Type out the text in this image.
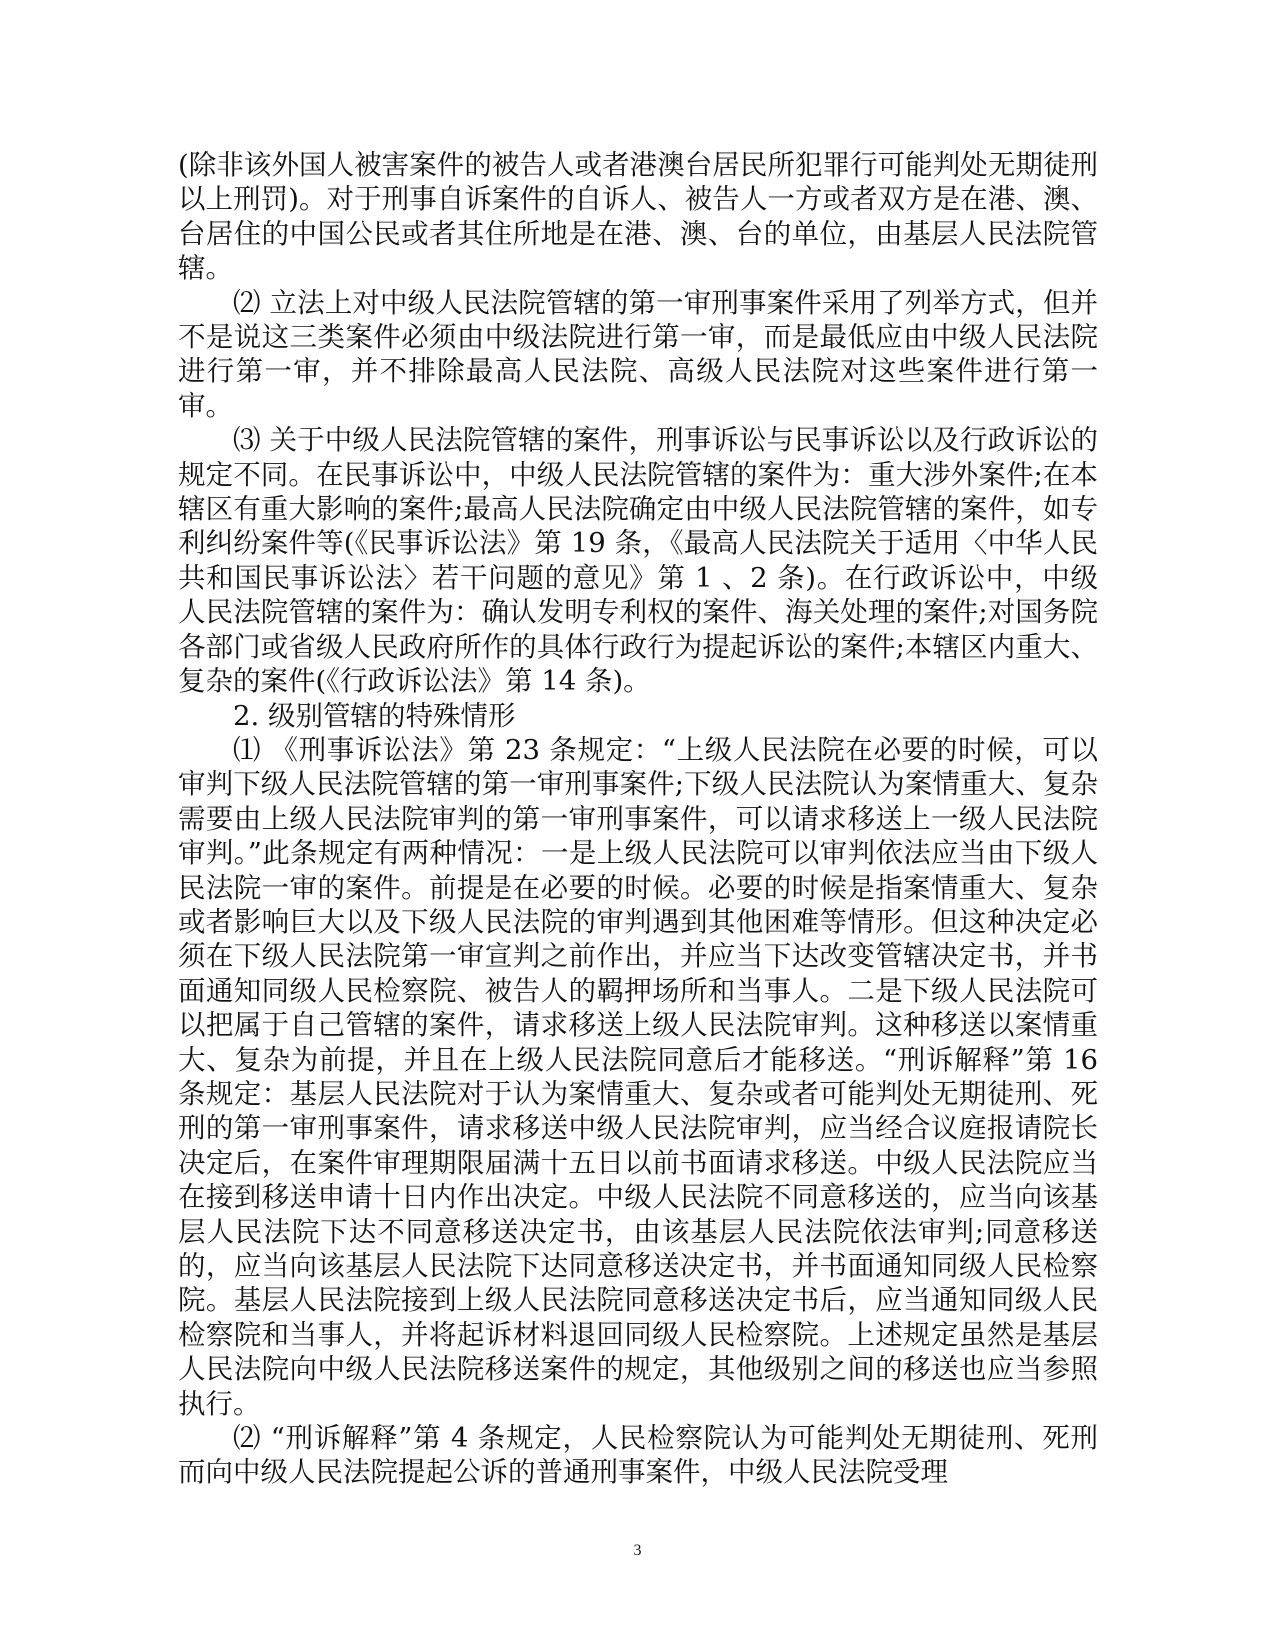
(除非该外国人被害案件的被告人或者港澳台居民所犯罪行可能判处无期徒刑以上刑罚)。对于刑事自诉案件的自诉人、被告人一方或者双方是在港、澳、台居住的中国公民或者其住所地是在港、澳、台的单位，由基层人民法院管辖。

⑵ 立法上对中级人民法院管辖的第一审刑事案件采用了列举方式，但并不是说这三类案件必须由中级法院进行第一审，而是最低应由中级人民法院进行第一审，并不排除最高人民法院、高级人民法院对这些案件进行第一审。

⑶ 关于中级人民法院管辖的案件，刑事诉讼与民事诉讼以及行政诉讼的规定不同。在民事诉讼中，中级人民法院管辖的案件为：重大涉外案件;在本辖区有重大影响的案件;最高人民法院确定由中级人民法院管辖的案件，如专利纠纷案件等(《民事诉讼法》第 19 条，《最高人民法院关于适用〈中华人民共和国民事诉讼法〉若干问题的意见》第 1 、2 条)。在行政诉讼中，中级人民法院管辖的案件为：确认发明专利权的案件、海关处理的案件;对国务院各部门或省级人民政府所作的具体行政行为提起诉讼的案件;本辖区内重大、复杂的案件(《行政诉讼法》第 14 条)。

2. 级别管辖的特殊情形

⑴ 《刑事诉讼法》第 23 条规定：“上级人民法院在必要的时候，可以审判下级人民法院管辖的第一审刑事案件;下级人民法院认为案情重大、复杂需要由上级人民法院审判的第一审刑事案件，可以请求移送上一级人民法院审判。”此条规定有两种情况：一是上级人民法院可以审判依法应当由下级人民法院一审的案件。前提是在必要的时候。必要的时候是指案情重大、复杂或者影响巨大以及下级人民法院的审判遇到其他困难等情形。但这种决定必须在下级人民法院第一审宣判之前作出，并应当下达改变管辖决定书，并书面通知同级人民检察院、被告人的羁押场所和当事人。二是下级人民法院可以把属于自己管辖的案件，请求移送上级人民法院审判。这种移送以案情重大、复杂为前提，并且在上级人民法院同意后才能移送。“刑诉解释”第 16 条规定：基层人民法院对于认为案情重大、复杂或者可能判处无期徒刑、死刑的第一审刑事案件，请求移送中级人民法院审判，应当经合议庭报请院长决定后，在案件审理期限届满十五日以前书面请求移送。中级人民法院应当在接到移送申请十日内作出决定。中级人民法院不同意移送的，应当向该基层人民法院下达不同意移送决定书，由该基层人民法院依法审判;同意移送的，应当向该基层人民法院下达同意移送决定书，并书面通知同级人民检察院。基层人民法院接到上级人民法院同意移送决定书后，应当通知同级人民检察院和当事人，并将起诉材料退回同级人民检察院。上述规定虽然是基层人民法院向中级人民法院移送案件的规定，其他级别之间的移送也应当参照执行。

⑵ “刑诉解释”第 4 条规定，人民检察院认为可能判处无期徒刑、死刑而向中级人民法院提起公诉的普通刑事案件，中级人民法院受理

3
